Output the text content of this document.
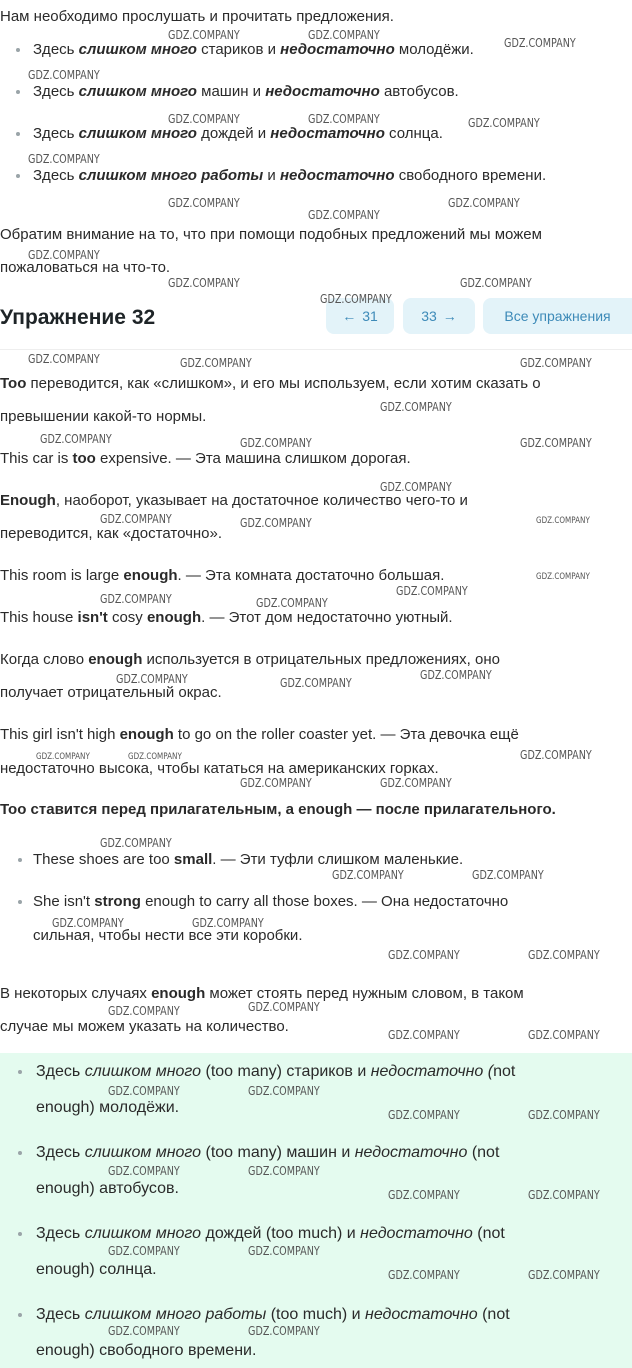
Нам необходимо прослушать и прочитать предложения.
Здесь слишком много стариков и недостаточно молодёжи.
Здесь слишком много машин и недостаточно автобусов.
Здесь слишком много дождей и недостаточно солнца.
Здесь слишком много работы и недостаточно свободного времени.
Обратим внимание на то, что при помощи подобных предложений мы можем
пожаловаться на что-то.
Упражнение 32	← 31	33 →	Все упражнения
Too переводится, как «слишком», и его мы используем, если хотим сказать о
превышении какой-то нормы.
This car is too expensive. — Эта машина слишком дорогая.
Enough, наоборот, указывает на достаточное количество чего-то и
переводится, как «достаточно».
This room is large enough. — Эта комната достаточно большая.
This house isn't cosy enough. — Этот дом недостаточно уютный.
Когда слово enough используется в отрицательных предложениях, оно
получает отрицательный окрас.
This girl isn't high enough to go on the roller coaster yet. — Эта девочка ещё
недостаточно высока, чтобы кататься на американских горках.
Too ставится перед прилагательным, а enough — после прилагательного.
These shoes are too small. — Эти туфли слишком маленькие.
She isn't strong enough to carry all those boxes. — Она недостаточно
сильная, чтобы нести все эти коробки.
В некоторых случаях enough может стоять перед нужным словом, в таком
случае мы можем указать на количество.
Здесь слишком много (too many) стариков и недостаточно (not
enough) молодёжи.
Здесь слишком много (too many) машин и недостаточно (not
enough) автобусов.
Здесь слишком много дождей (too much) и недостаточно (not
enough) солнца.
Здесь слишком много работы (too much) и недостаточно (not
enough) свободного времени.
GDZ.COMPANY	GDZ.COMPANY
GDZ.COMPANY
GDZ.COMPANY
GDZ.COMPANY	GDZ.COMPANY	GDZ.COMPANY
GDZ.COMPANY
GDZ.COMPANY	GDZ.COMPANY
GDZ.COMPANY
GDZ.COMPANY
GDZ.COMPANY	GDZ.COMPANY
GDZ.COMPANY
GDZ.COMPANY	GDZ.COMPANY	GDZ.COMPANY
GDZ.COMPANY
GDZ.COMPANY	GDZ.COMPANY	GDZ.COMPANY
GDZ.COMPANY
GDZ.COMPANY	GDZ.COMPANY	GDZ.COMPANY
GDZ.COMPANY
GDZ.COMPANY	GDZ.COMPANY
GDZ.COMPANY
GDZ.COMPANY	GDZ.COMPANY
GDZ.COMPANY
GDZ.COMPANY	GDZ.COMPANY
GDZ.COMPANY
GDZ.COMPANY	GDZ.COMPANY
GDZ.COMPANY	GDZ.COMPANY
GDZ.COMPANY	GDZ.COMPANY
GDZ.COMPANY
GDZ.COMPANY
GDZ.COMPANY	GDZ.COMPANY
GDZ.COMPANY	GDZ.COMPANY
GDZ.COMPANY	GDZ.COMPANY
GDZ.COMPANY	GDZ.COMPANY
GDZ.COMPANY	GDZ.COMPANY
GDZ.COMPANY	GDZ.COMPANY
GDZ.COMPANY	GDZ.COMPANY
GDZ.COMPANY	GDZ.COMPANY
GDZ.COMPANY	GDZ.COMPANY
GDZ.COMPANY
